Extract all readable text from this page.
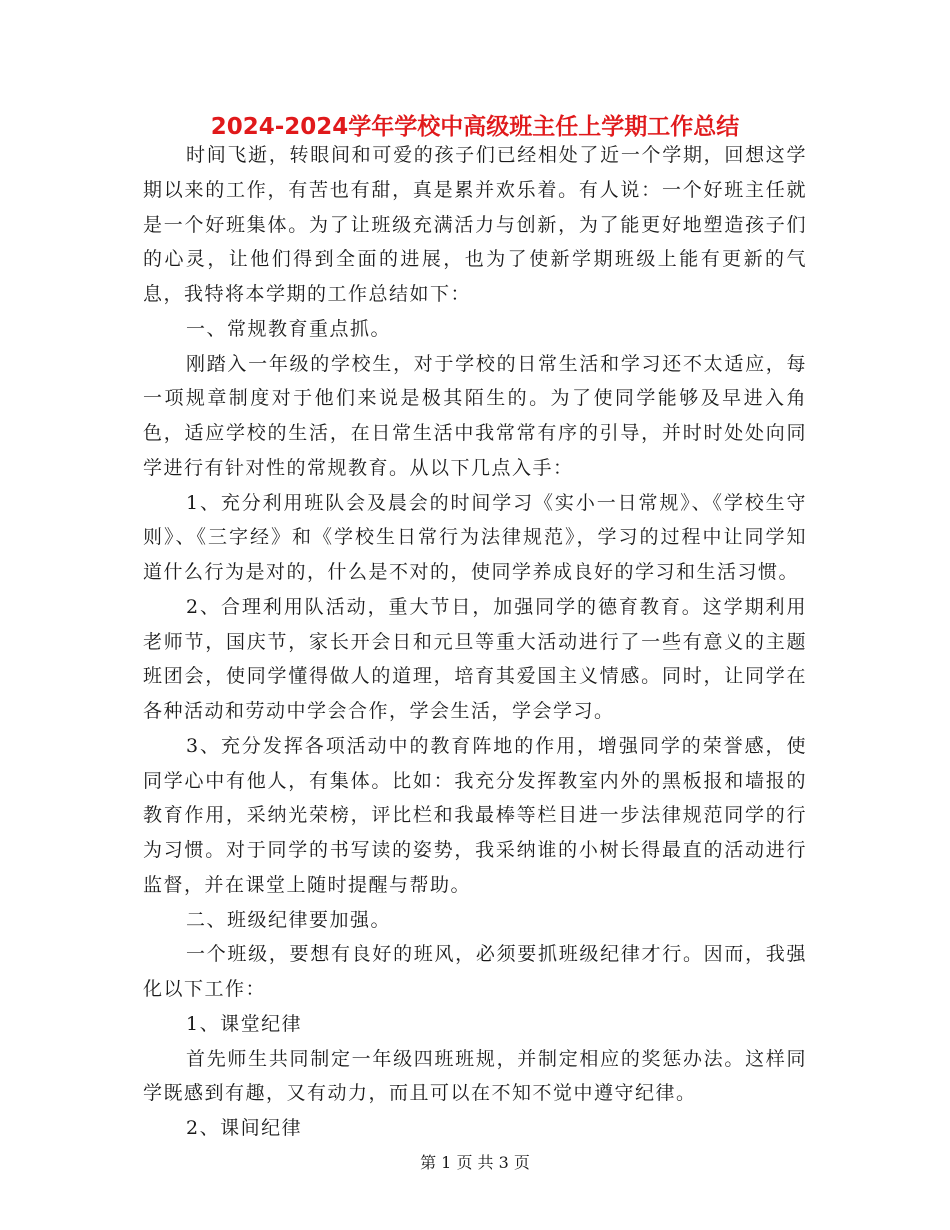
2024-2024学年学校中高级班主任上学期工作总结

时间飞逝，转眼间和可爱的孩子们已经相处了近一个学期，回想这学期以来的工作，有苦也有甜，真是累并欢乐着。有人说：一个好班主任就是一个好班集体。为了让班级充满活力与创新，为了能更好地塑造孩子们的心灵，让他们得到全面的进展，也为了使新学期班级上能有更新的气息，我特将本学期的工作总结如下：

一、常规教育重点抓。

刚踏入一年级的学校生，对于学校的日常生活和学习还不太适应，每一项规章制度对于他们来说是极其陌生的。为了使同学能够及早进入角色，适应学校的生活，在日常生活中我常常有序的引导，并时时处处向同学进行有针对性的常规教育。从以下几点入手：

1、充分利用班队会及晨会的时间学习《实小一日常规》、《学校生守则》、《三字经》和《学校生日常行为法律规范》，学习的过程中让同学知道什么行为是对的，什么是不对的，使同学养成良好的学习和生活习惯。

2、合理利用队活动，重大节日，加强同学的德育教育。这学期利用老师节，国庆节，家长开会日和元旦等重大活动进行了一些有意义的主题班团会，使同学懂得做人的道理，培育其爱国主义情感。同时，让同学在各种活动和劳动中学会合作，学会生活，学会学习。

3、充分发挥各项活动中的教育阵地的作用，增强同学的荣誉感，使同学心中有他人，有集体。比如：我充分发挥教室内外的黑板报和墙报的教育作用，采纳光荣榜，评比栏和我最棒等栏目进一步法律规范同学的行为习惯。对于同学的书写读的姿势，我采纳谁的小树长得最直的活动进行监督，并在课堂上随时提醒与帮助。

二、班级纪律要加强。

一个班级，要想有良好的班风，必须要抓班级纪律才行。因而，我强化以下工作：

1、课堂纪律

首先师生共同制定一年级四班班规，并制定相应的奖惩办法。这样同学既感到有趣，又有动力，而且可以在不知不觉中遵守纪律。

2、课间纪律

第 1 页 共 3 页
